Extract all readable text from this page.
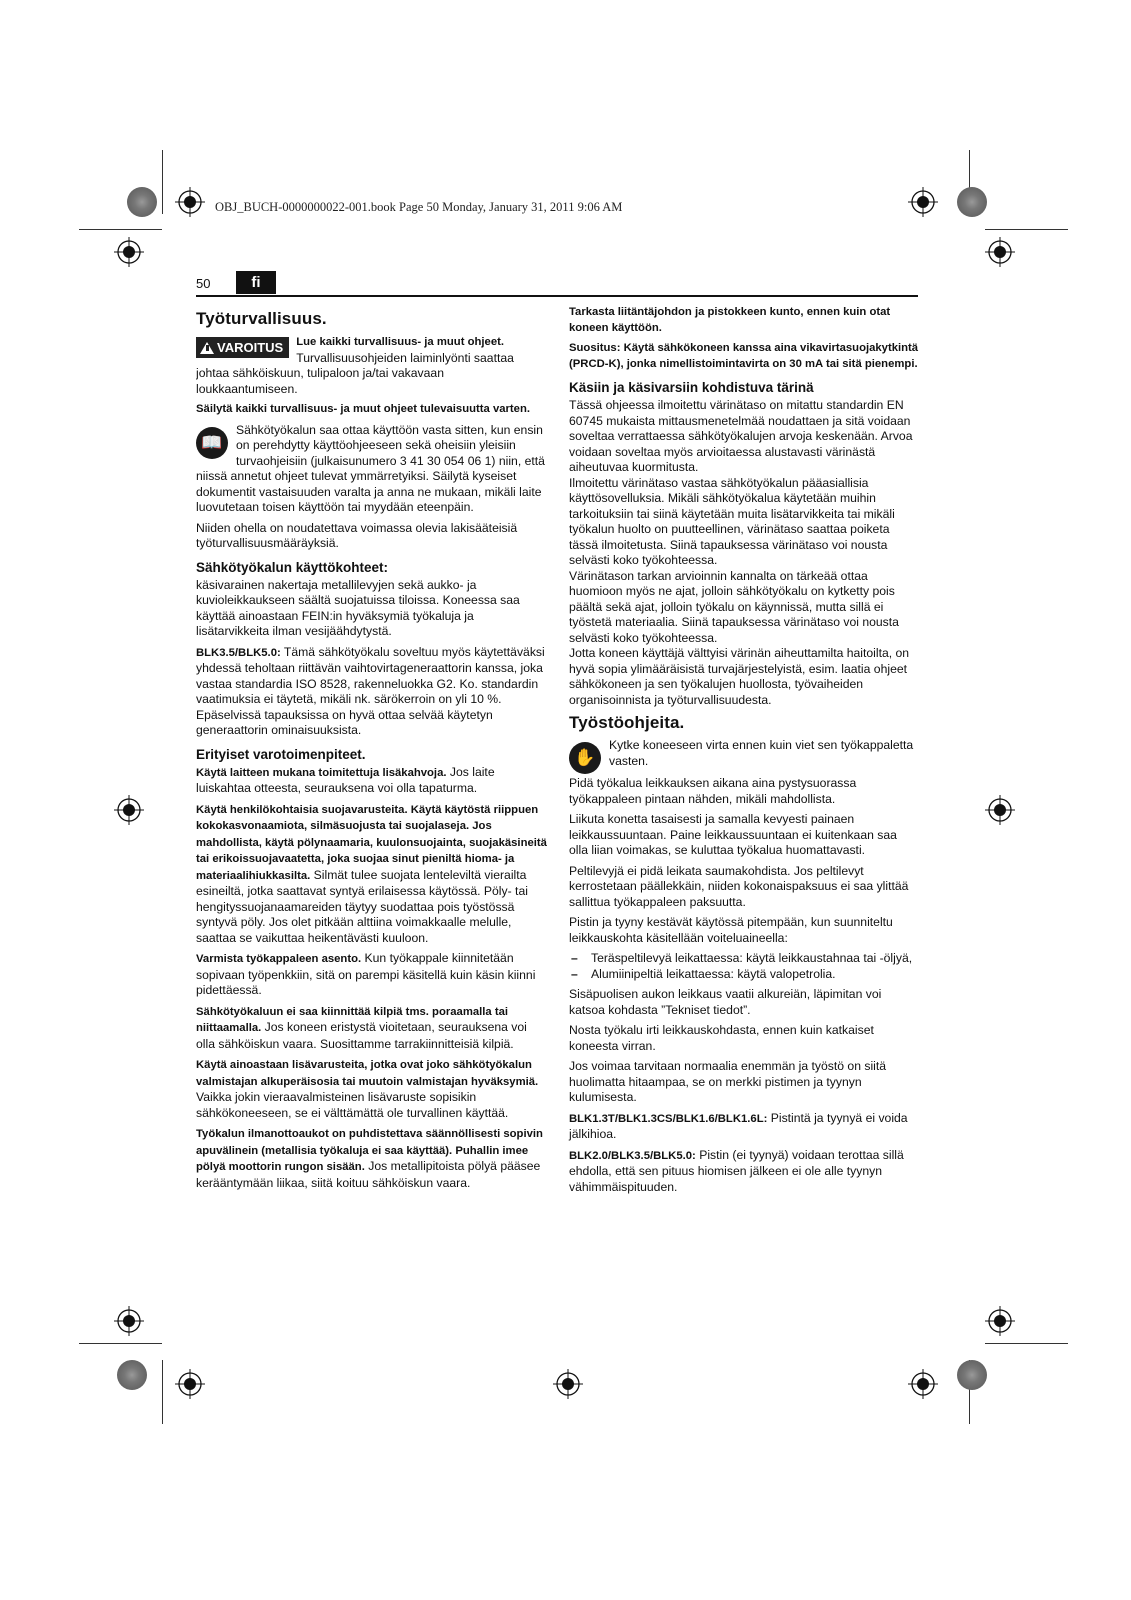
OBJ_BUCH-0000000022-001.book Page 50 Monday, January 31, 2011 9:06 AM
50	fi
Työturvallisuus.
VAROITUS	Lue kaikki turvallisuus- ja muut ohjeet. Turvallisuusohjeiden laiminlyönti saattaa johtaa sähköiskuun, tulipaloon ja/tai vakavaan loukkaantumiseen.

Säilytä kaikki turvallisuus- ja muut ohjeet tulevaisuutta varten.

📖

Sähkötyökalun saa ottaa käyttöön vasta sitten, kun ensin on perehdytty käyttöohjeeseen sekä oheisiin yleisiin turvaohjeisiin (julkaisunumero 3 41 30 054 06 1) niin, että niissä annetut ohjeet tulevat ymmärretyiksi. Säilytä kyseiset dokumentit vastaisuuden varalta ja anna ne mukaan, mikäli laite luovutetaan toisen käyttöön tai myydään eteenpäin.

Niiden ohella on noudatettava voimassa olevia lakisääteisiä työturvallisuusmääräyksiä.

Sähkötyökalun käyttökohteet:

käsivarainen nakertaja metallilevyjen sekä aukko- ja kuvioleikkaukseen säältä suojatuissa tiloissa. Koneessa saa käyttää ainoastaan FEIN:in hyväksymiä työkaluja ja lisätarvikkeita ilman vesijäähdytystä.

BLK3.5/BLK5.0: Tämä sähkötyökalu soveltuu myös käytettäväksi yhdessä teholtaan riittävän vaihtovirtageneraattorin kanssa, joka vastaa standardia ISO 8528, rakenneluokka G2. Ko. standardin vaatimuksia ei täytetä, mikäli nk. särökerroin on yli 10 %. Epäselvissä tapauksissa on hyvä ottaa selvää käytetyn generaattorin ominaisuuksista.

Erityiset varotoimenpiteet.

Käytä laitteen mukana toimitettuja lisäkahvoja. Jos laite luiskahtaa otteesta, seurauksena voi olla tapaturma.

Käytä henkilökohtaisia suojavarusteita. Käytä käytöstä riippuen kokokasvonaamiota, silmäsuojusta tai suojalaseja. Jos mahdollista, käytä pölynaamaria, kuulonsuojainta, suojakäsineitä tai erikoissuojavaatetta, joka suojaa sinut pieniltä hioma- ja materiaalihiukkasilta. Silmät tulee suojata lenteleviltä vierailta esineiltä, jotka saattavat syntyä erilaisessa käytössä. Pöly- tai hengityssuojanaamareiden täytyy suodattaa pois työstössä syntyvä pöly. Jos olet pitkään alttiina voimakkaalle melulle, saattaa se vaikuttaa heikentävästi kuuloon.

Varmista työkappaleen asento. Kun työkappale kiinnitetään sopivaan työpenkkiin, sitä on parempi käsitellä kuin käsin kiinni pidettäessä.

Sähkötyökaluun ei saa kiinnittää kilpiä tms. poraamalla tai niittaamalla. Jos koneen eristystä vioitetaan, seurauksena voi olla sähköiskun vaara. Suosittamme tarrakiinnitteisiä kilpiä.

Käytä ainoastaan lisävarusteita, jotka ovat joko sähkötyökalun valmistajan alkuperäisosia tai muutoin valmistajan hyväksymiä. Vaikka jokin vieraavalmisteinen lisävaruste sopisikin sähkökoneeseen, se ei välttämättä ole turvallinen käyttää.

Työkalun ilmanottoaukot on puhdistettava säännöllisesti sopivin apuvälinein (metallisia työkaluja ei saa käyttää). Puhallin imee pölyä moottorin rungon sisään. Jos metallipitoista pölyä pääsee kerääntymään liikaa, siitä koituu sähköiskun vaara.

Tarkasta liitäntäjohdon ja pistokkeen kunto, ennen kuin otat koneen käyttöön.

Suositus: Käytä sähkökoneen kanssa aina vikavirtasuojakytkintä (PRCD-K), jonka nimellistoimintavirta on 30 mA tai sitä pienempi.

Käsiin ja käsivarsiin kohdistuva tärinä

Tässä ohjeessa ilmoitettu värinätaso on mitattu standardin EN 60745 mukaista mittausmenetelmää noudattaen ja sitä voidaan soveltaa verrattaessa sähkötyökalujen arvoja keskenään. Arvoa voidaan soveltaa myös arvioitaessa alustavasti värinästä aiheutuvaa kuormitusta.

Ilmoitettu värinätaso vastaa sähkötyökalun pääasiallisia käyttösovelluksia. Mikäli sähkötyökalua käytetään muihin tarkoituksiin tai siinä käytetään muita lisätarvikkeita tai mikäli työkalun huolto on puutteellinen, värinätaso saattaa poiketa tässä ilmoitetusta. Siinä tapauksessa värinätaso voi nousta selvästi koko työkohteessa.

Värinätason tarkan arvioinnin kannalta on tärkeää ottaa huomioon myös ne ajat, jolloin sähkötyökalu on kytketty pois päältä sekä ajat, jolloin työkalu on käynnissä, mutta sillä ei työstetä materiaalia. Siinä tapauksessa värinätaso voi nousta selvästi koko työkohteessa.

Jotta koneen käyttäjä välttyisi värinän aiheuttamilta haitoilta, on hyvä sopia ylimääräisistä turvajärjestelyistä, esim. laatia ohjeet sähkökoneen ja sen työkalujen huollosta, työvaiheiden organisoinnista ja työturvallisuudesta.

Työstöohjeita.
✋

Kytke koneeseen virta ennen kuin viet sen työkappaletta vasten.

Pidä työkalua leikkauksen aikana aina pystysuorassa työkappaleen pintaan nähden, mikäli mahdollista.

Liikuta konetta tasaisesti ja samalla kevyesti painaen leikkaussuuntaan. Paine leikkaussuuntaan ei kuitenkaan saa olla liian voimakas, se kuluttaa työkalua huomattavasti.

Peltilevyjä ei pidä leikata saumakohdista. Jos peltilevyt kerrostetaan päällekkäin, niiden kokonaispaksuus ei saa ylittää sallittua työkappaleen paksuutta.

Pistin ja tyyny kestävät käytössä pitempään, kun suunniteltu leikkauskohta käsitellään voiteluaineella:

– Teräspeltilevyä leikattaessa: käytä leikkaustahnaa tai -öljyä,
– Alumiinipeltiä leikattaessa: käytä valopetrolia.

Sisäpuolisen aukon leikkaus vaatii alkureiän, läpimitan voi katsoa kohdasta ”Tekniset tiedot”.

Nosta työkalu irti leikkauskohdasta, ennen kuin katkaiset koneesta virran.

Jos voimaa tarvitaan normaalia enemmän ja työstö on siitä huolimatta hitaampaa, se on merkki pistimen ja tyynyn kulumisesta.

BLK1.3T/BLK1.3CS/BLK1.6/BLK1.6L: Pistintä ja tyynyä ei voida jälkihioa.

BLK2.0/BLK3.5/BLK5.0: Pistin (ei tyynyä) voidaan terottaa sillä ehdolla, että sen pituus hiomisen jälkeen ei ole alle tyynyn vähimmäispituuden.
